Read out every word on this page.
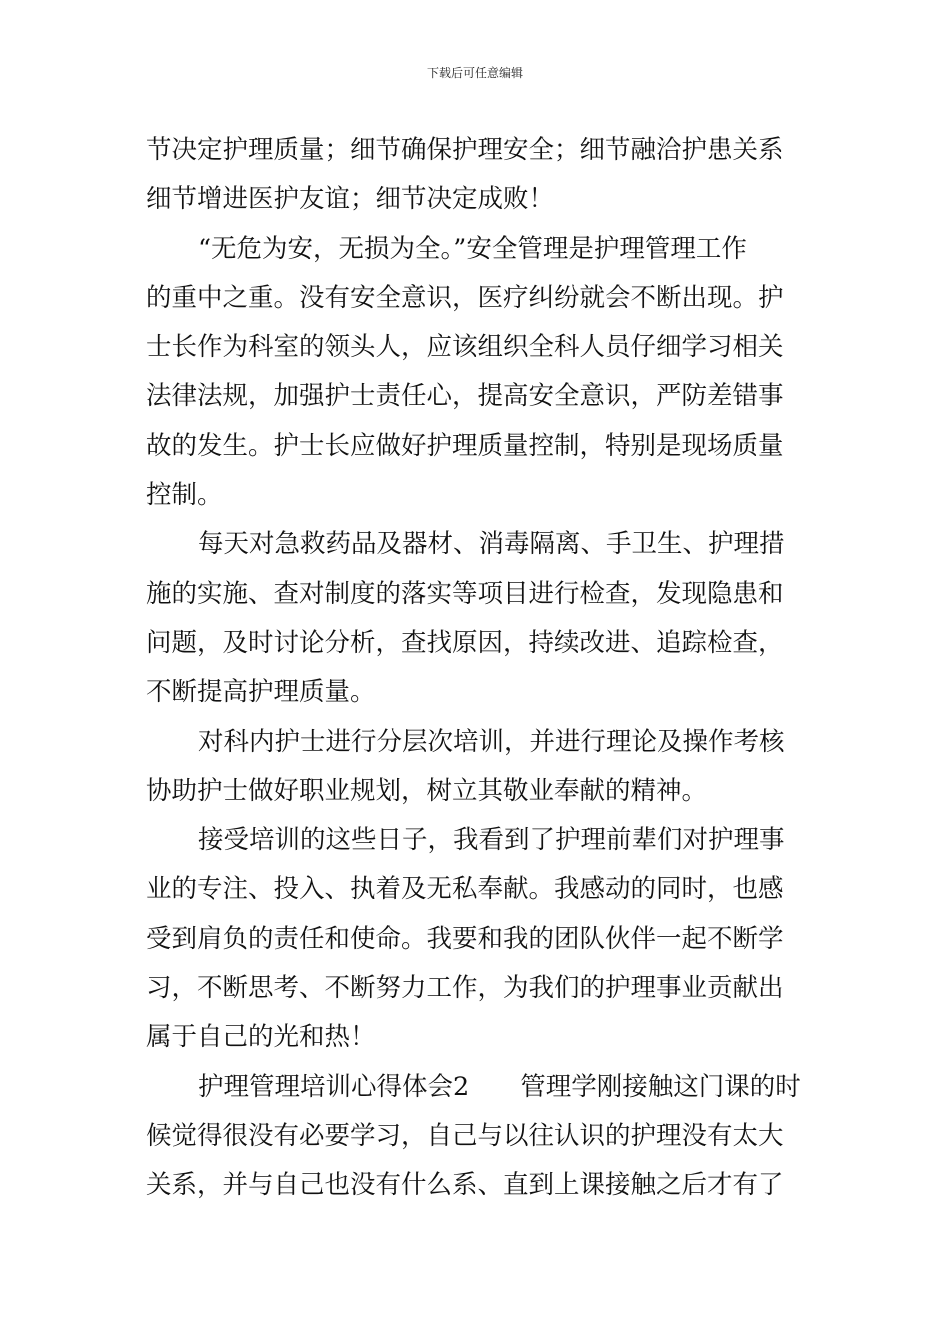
下载后可任意编辑
节决定护理质量；细节确保护理安全；细节融洽护患关系
细节增进医护友谊；细节决定成败！
“无危为安，无损为全。”安全管理是护理管理工作
的重中之重。没有安全意识，医疗纠纷就会不断出现。护
士长作为科室的领头人，应该组织全科人员仔细学习相关
法律法规，加强护士责任心，提高安全意识，严防差错事
故的发生。护士长应做好护理质量控制，特别是现场质量
控制。
每天对急救药品及器材、消毒隔离、手卫生、护理措
施的实施、查对制度的落实等项目进行检查，发现隐患和
问题，及时讨论分析，查找原因，持续改进、追踪检查，
不断提高护理质量。
对科内护士进行分层次培训，并进行理论及操作考核
协助护士做好职业规划，树立其敬业奉献的精神。
接受培训的这些日子，我看到了护理前辈们对护理事
业的专注、投入、执着及无私奉献。我感动的同时，也感
受到肩负的责任和使命。我要和我的团队伙伴一起不断学
习，不断思考、不断努力工作，为我们的护理事业贡献出
属于自己的光和热！
护理管理培训心得体会2　　管理学刚接触这门课的时
候觉得很没有必要学习，自己与以往认识的护理没有太大
关系，并与自己也没有什么系、直到上课接触之后才有了
